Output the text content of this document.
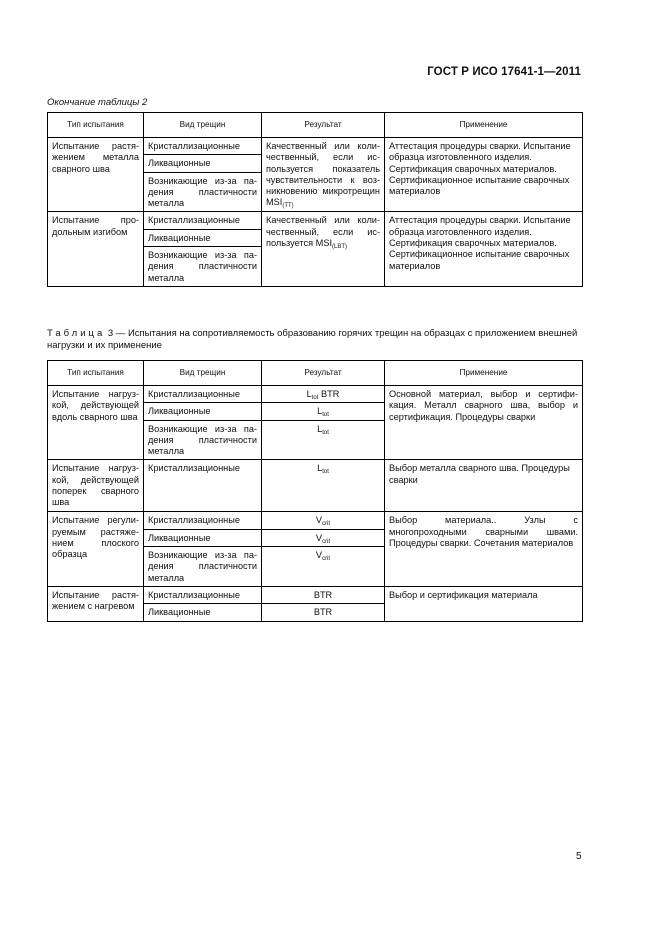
ГОСТ Р ИСО 17641-1—2011
Окончание таблицы 2
Тип испытания	Вид трещин	Результат	Применение
Испытание растяжением металла сварного шва	Кристаллизационные	Качественный или количественный, если используется показатель чувствительности к возникновению микротрещин $MSI_{(TT)}$	Аттестация процедуры сварки. Испытание образца изготовленного изделия. Сертификация сварочных материалов. Сертификационное испытание сварочных материалов
	Ликвационные		
	Возникающие из-за падения пластичности металла		
Испытание продольным изгибом	Кристаллизационные	Качественный или количественный, если используется $MSI_{(LBT)}$	Аттестация процедуры сварки. Испытание образца изготовленного изделия. Сертификация сварочных материалов. Сертификационное испытание сварочных материалов
	Ликвационные		
	Возникающие из-за падения пластичности металла		
Таблица 3 — Испытания на сопротивляемость образованию горячих трещин на образцах с приложением внешней нагрузки и их применение
Тип испытания	Вид трещин	Результат	Применение
Испытание нагрузкой, действующей вдоль сварного шва	Кристаллизационные	$L_{tot}$ BTR	Основной материал, выбор и сертификация. Металл сварного шва, выбор и сертификация. Процедуры сварки
	Ликвационные	$L_{tot}$
	Возникающие из-за падения пластичности металла	$L_{tot}$
Испытание нагрузкой, действующей поперек сварного шва	Кристаллизационные	$L_{tot}$	Выбор металла сварного шва. Процедуры сварки
Испытание регулируемым растяжением плоского образца	Кристаллизационные	$V_{crit}$	Выбор материала.. Узлы с многопроходными сварными швами. Процедуры сварки. Сочетания материалов
	Ликвационные	$V_{crit}$
	Возникающие из-за падения пластичности металла	$V_{crit}$
Испытание растяжением с нагревом	Кристаллизационные	BTR	Выбор и сертификация материала
	Ликвационные	BTR	
5
